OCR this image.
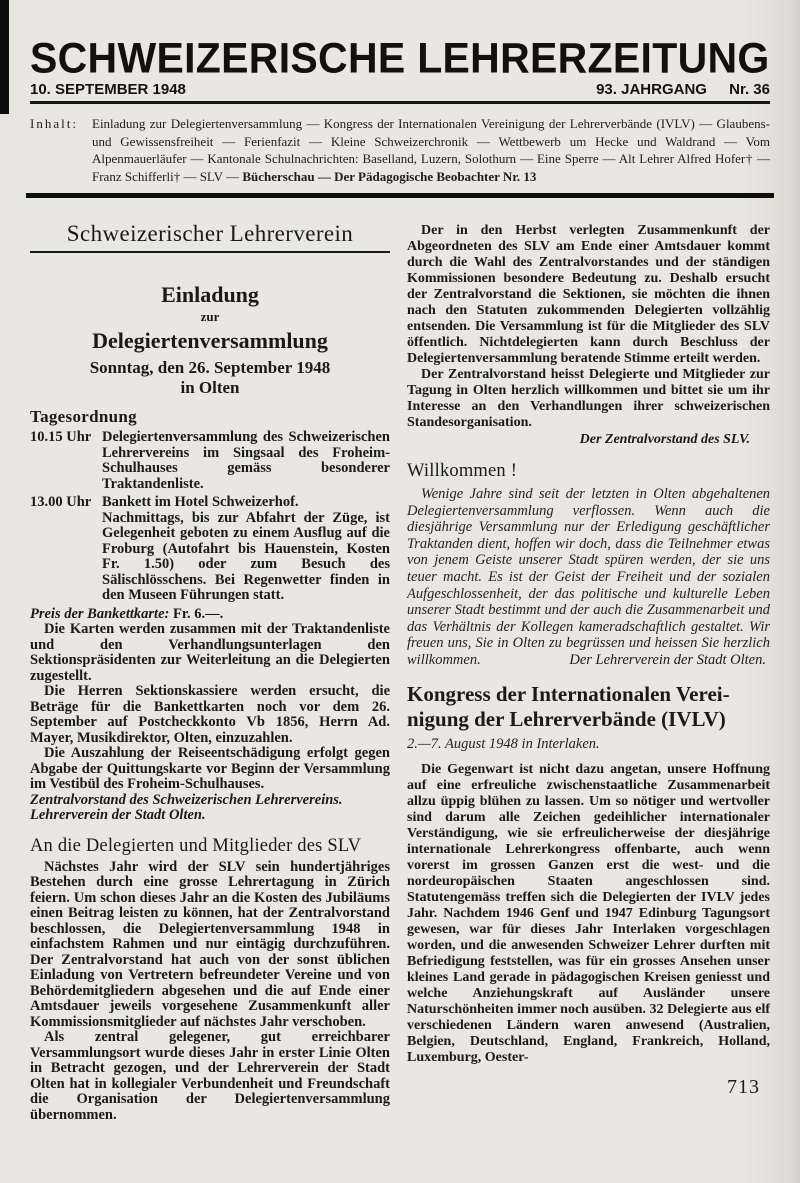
SCHWEIZERISCHE LEHRERZEITUNG
10. SEPTEMBER 1948	93. JAHRGANG Nr. 36
Inhalt:	Einladung zur Delegiertenversammlung — Kongress der Internationalen Vereinigung der Lehrerverbände (IVLV) — Glaubens- und Gewissensfreiheit — Ferienfazit — Kleine Schweizerchronik — Wettbewerb um Hecke und Waldrand — Vom Alpenmauerläufer — Kantonale Schulnachrichten: Baselland, Luzern, Solothurn — Eine Sperre — Alt Lehrer Alfred Hofer† — Franz Schifferli† — SLV — Bücherschau — Der Pädagogische Beobachter Nr. 13
Schweizerischer Lehrerverein
Einladung
zur
Delegiertenversammlung
Sonntag, den 26. September 1948
in Olten
Tagesordnung
10.15 Uhr Delegiertenversammlung des Schweizerischen Lehrervereins im Singsaal des Froheim-Schulhauses gemäss besonderer Traktandenliste.
13.00 Uhr Bankett im Hotel Schweizerhof.
Nachmittags, bis zur Abfahrt der Züge, ist Gelegenheit geboten zu einem Ausflug auf die Froburg (Autofahrt bis Hauenstein, Kosten Fr. 1.50) oder zum Besuch des Sälischlösschens. Bei Regenwetter finden in den Museen Führungen statt.
Preis der Bankettkarte: Fr. 6.—.

Die Karten werden zusammen mit der Traktandenliste und den Verhandlungsunterlagen den Sektionspräsidenten zur Weiterleitung an die Delegierten zugestellt.

Die Herren Sektionskassiere werden ersucht, die Beträge für die Bankettkarten noch vor dem 26. September auf Postcheckkonto Vb 1856, Herrn Ad. Mayer, Musikdirektor, Olten, einzuzahlen.

Die Auszahlung der Reiseentschädigung erfolgt gegen Abgabe der Quittungskarte vor Beginn der Versammlung im Vestibül des Froheim-Schulhauses.

Zentralvorstand des Schweizerischen Lehrervereins.

Lehrerverein der Stadt Olten.

An die Delegierten und Mitglieder des SLV

Nächstes Jahr wird der SLV sein hundertjähriges Bestehen durch eine grosse Lehrertagung in Zürich feiern. Um schon dieses Jahr an die Kosten des Jubiläums einen Beitrag leisten zu können, hat der Zentralvorstand beschlossen, die Delegiertenversammlung 1948 in einfachstem Rahmen und nur eintägig durchzuführen. Der Zentralvorstand hat auch von der sonst üblichen Einladung von Vertretern befreundeter Vereine und von Behördemitgliedern abgesehen und die auf Ende einer Amtsdauer jeweils vorgesehene Zusammenkunft aller Kommissionsmitglieder auf nächstes Jahr verschoben.

Als zentral gelegener, gut erreichbarer Versammlungsort wurde dieses Jahr in erster Linie Olten in Betracht gezogen, und der Lehrerverein der Stadt Olten hat in kollegialer Verbundenheit und Freundschaft die Organisation der Delegiertenversammlung übernommen.

Der in den Herbst verlegten Zusammenkunft der Abgeordneten des SLV am Ende einer Amtsdauer kommt durch die Wahl des Zentralvorstandes und der ständigen Kommissionen besondere Bedeutung zu. Deshalb ersucht der Zentralvorstand die Sektionen, sie möchten die ihnen nach den Statuten zukommenden Delegierten vollzählig entsenden. Die Versammlung ist für die Mitglieder des SLV öffentlich. Nichtdelegierten kann durch Beschluss der Delegiertenversammlung beratende Stimme erteilt werden.

Der Zentralvorstand heisst Delegierte und Mitglieder zur Tagung in Olten herzlich willkommen und bittet sie um ihr Interesse an den Verhandlungen ihrer schweizerischen Standesorganisation.

Der Zentralvorstand des SLV.
Willkommen !

Wenige Jahre sind seit der letzten in Olten abgehaltenen Delegiertenversammlung verflossen. Wenn auch die diesjährige Versammlung nur der Erledigung geschäftlicher Traktanden dient, hoffen wir doch, dass die Teilnehmer etwas von jenem Geiste unserer Stadt spüren werden, der sie uns teuer macht. Es ist der Geist der Freiheit und der sozialen Aufgeschlossenheit, der das politische und kulturelle Leben unserer Stadt bestimmt und der auch die Zusammenarbeit und das Verhältnis der Kollegen kameradschaftlich gestaltet. Wir freuen uns, Sie in Olten zu begrüssen und heissen Sie herzlich willkommen.	Der Lehrerverein der Stadt Olten.
Kongress der Internationalen Verei-
nigung der Lehrerverbände (IVLV)
2.—7. August 1948 in Interlaken.

Die Gegenwart ist nicht dazu angetan, unsere Hoffnung auf eine erfreuliche zwischenstaatliche Zusammenarbeit allzu üppig blühen zu lassen. Um so nötiger und wertvoller sind darum alle Zeichen gedeihlicher internationaler Verständigung, wie sie erfreulicherweise der diesjährige internationale Lehrerkongress offenbarte, auch wenn vorerst im grossen Ganzen erst die west- und die nordeuropäischen Staaten angeschlossen sind. Statutengemäss treffen sich die Delegierten der IVLV jedes Jahr. Nachdem 1946 Genf und 1947 Edinburg Tagungsort gewesen, war für dieses Jahr Interlaken vorgeschlagen worden, und die anwesenden Schweizer Lehrer durften mit Befriedigung feststellen, was für ein grosses Ansehen unser kleines Land gerade in pädagogischen Kreisen geniesst und welche Anziehungskraft auf Ausländer unsere Naturschönheiten immer noch ausüben. 32 Delegierte aus elf verschiedenen Ländern waren anwesend (Australien, Belgien, Deutschland, England, Frankreich, Holland, Luxemburg, Oester-

713
